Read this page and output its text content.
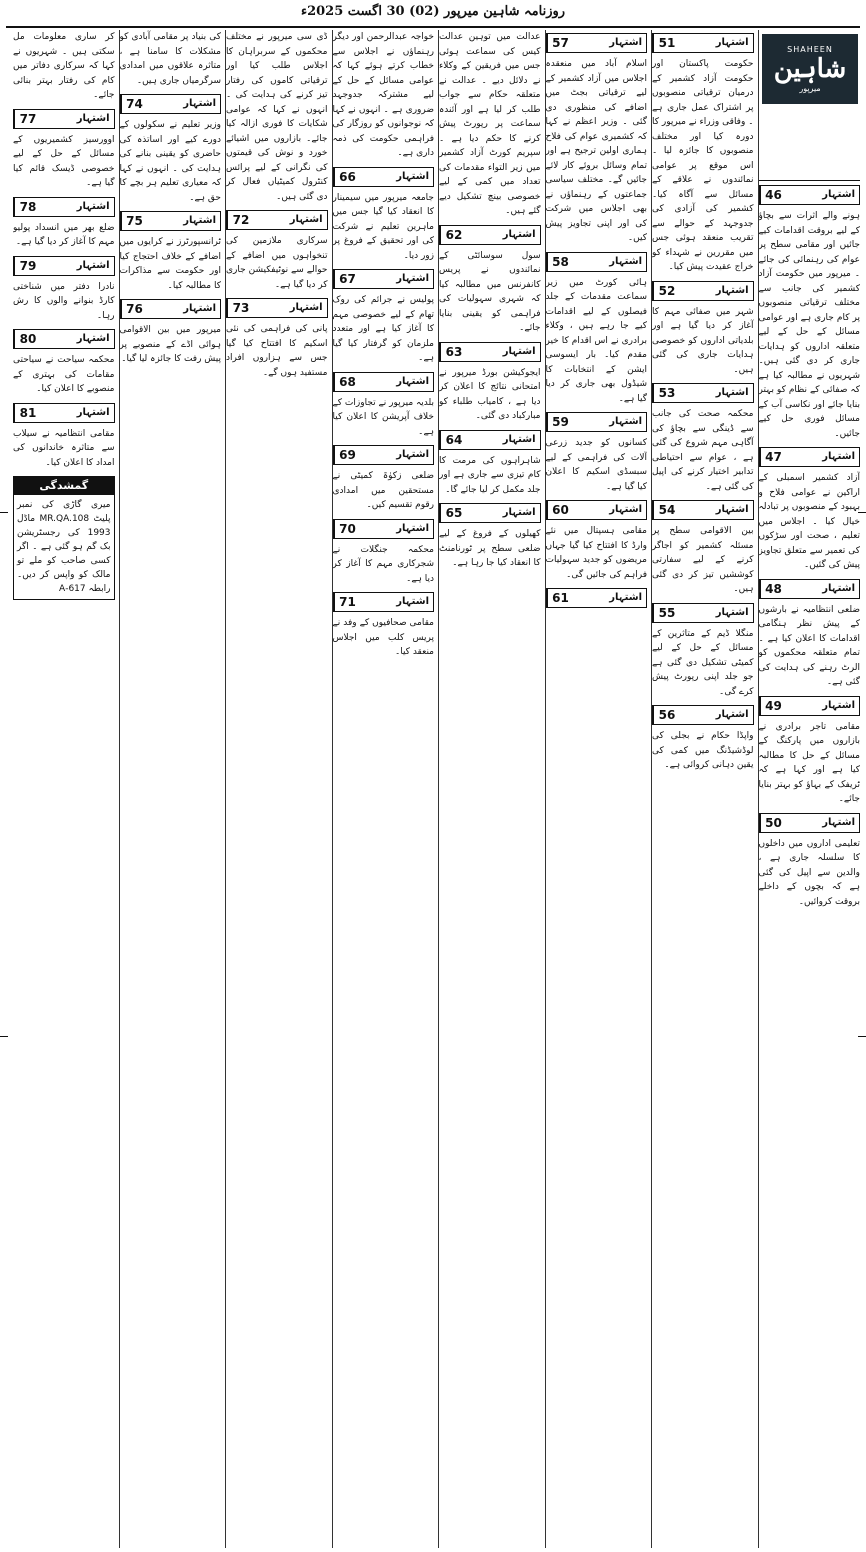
روزنامہ شاہین میرپور (02) 30 اگست 2025ء
SHAHEEN
شاہین
میرپور
اشتہار
46

ہونے والے اثرات سے بچاؤ کے لیے بروقت اقدامات کیے جائیں اور مقامی سطح پر عوام کی رہنمائی کی جائے ۔ میرپور میں حکومت آزاد کشمیر کی جانب سے مختلف ترقیاتی منصوبوں پر کام جاری ہے اور عوامی مسائل کے حل کے لیے متعلقہ اداروں کو ہدایات جاری کر دی گئی ہیں۔ شہریوں نے مطالبہ کیا ہے کہ صفائی کے نظام کو بہتر بنایا جائے اور نکاسی آب کے مسائل فوری حل کیے جائیں۔

اشتہار
47

آزاد کشمیر اسمبلی کے اراکین نے عوامی فلاح و بہبود کے منصوبوں پر تبادلہ خیال کیا ۔ اجلاس میں تعلیم ، صحت اور سڑکوں کی تعمیر سے متعلق تجاویز پیش کی گئیں۔

اشتہار
48

ضلعی انتظامیہ نے بارشوں کے پیش نظر ہنگامی اقدامات کا اعلان کیا ہے ۔ تمام متعلقہ محکموں کو الرٹ رہنے کی ہدایت کی گئی ہے۔

اشتہار
49

مقامی تاجر برادری نے بازاروں میں پارکنگ کے مسائل کے حل کا مطالبہ کیا ہے اور کہا ہے کہ ٹریفک کے بہاؤ کو بہتر بنایا جائے۔

اشتہار
50

تعلیمی اداروں میں داخلوں کا سلسلہ جاری ہے ، والدین سے اپیل کی گئی ہے کہ بچوں کے داخلے بروقت کروائیں۔

اشتہار
51

حکومت پاکستان اور حکومت آزاد کشمیر کے درمیان ترقیاتی منصوبوں پر اشتراک عمل جاری ہے ۔ وفاقی وزراء نے میرپور کا دورہ کیا اور مختلف منصوبوں کا جائزہ لیا ۔ اس موقع پر عوامی نمائندوں نے علاقے کے مسائل سے آگاہ کیا۔ کشمیر کی آزادی کی جدوجہد کے حوالے سے تقریب منعقد ہوئی جس میں مقررین نے شہداء کو خراج عقیدت پیش کیا۔

اشتہار
52

شہر میں صفائی مہم کا آغاز کر دیا گیا ہے اور بلدیاتی اداروں کو خصوصی ہدایات جاری کی گئی ہیں۔

اشتہار
53

محکمہ صحت کی جانب سے ڈینگی سے بچاؤ کی آگاہی مہم شروع کی گئی ہے ، عوام سے احتیاطی تدابیر اختیار کرنے کی اپیل کی گئی ہے۔

اشتہار
54

بین الاقوامی سطح پر مسئلہ کشمیر کو اجاگر کرنے کے لیے سفارتی کوششیں تیز کر دی گئی ہیں۔

اشتہار
55

منگلا ڈیم کے متاثرین کے مسائل کے حل کے لیے کمیٹی تشکیل دی گئی ہے جو جلد اپنی رپورٹ پیش کرے گی۔

اشتہار
56

واپڈا حکام نے بجلی کی لوڈشیڈنگ میں کمی کی یقین دہانی کروائی ہے۔

اشتہار
57

اسلام آباد میں منعقدہ اجلاس میں آزاد کشمیر کے لیے ترقیاتی بجٹ میں اضافے کی منظوری دی گئی ۔ وزیر اعظم نے کہا کہ کشمیری عوام کی فلاح ہماری اولین ترجیح ہے اور تمام وسائل بروئے کار لائے جائیں گے۔ مختلف سیاسی جماعتوں کے رہنماؤں نے بھی اجلاس میں شرکت کی اور اپنی تجاویز پیش کیں۔

اشتہار
58

ہائی کورٹ میں زیر سماعت مقدمات کے جلد فیصلوں کے لیے اقدامات کیے جا رہے ہیں ، وکلاء برادری نے اس اقدام کا خیر مقدم کیا۔ بار ایسوسی ایشن کے انتخابات کا شیڈول بھی جاری کر دیا گیا ہے۔

اشتہار
59

کسانوں کو جدید زرعی آلات کی فراہمی کے لیے سبسڈی اسکیم کا اعلان کیا گیا ہے۔

اشتہار
60

مقامی ہسپتال میں نئے وارڈ کا افتتاح کیا گیا جہاں مریضوں کو جدید سہولیات فراہم کی جائیں گی۔

اشتہار
61

عدالت میں توہین عدالت کیس کی سماعت ہوئی جس میں فریقین کے وکلاء نے دلائل دیے ۔ عدالت نے متعلقہ حکام سے جواب طلب کر لیا ہے اور آئندہ سماعت پر رپورٹ پیش کرنے کا حکم دیا ہے ۔ سپریم کورٹ آزاد کشمیر میں زیر التواء مقدمات کی تعداد میں کمی کے لیے خصوصی بینچ تشکیل دیے گئے ہیں۔

اشتہار
62

سول سوسائٹی کے نمائندوں نے پریس کانفرنس میں مطالبہ کیا کہ شہری سہولیات کی فراہمی کو یقینی بنایا جائے۔

اشتہار
63

ایجوکیشن بورڈ میرپور نے امتحانی نتائج کا اعلان کر دیا ہے ، کامیاب طلباء کو مبارکباد دی گئی۔

اشتہار
64

شاہراہوں کی مرمت کا کام تیزی سے جاری ہے اور جلد مکمل کر لیا جائے گا۔

اشتہار
65

کھیلوں کے فروغ کے لیے ضلعی سطح پر ٹورنامنٹ کا انعقاد کیا جا رہا ہے۔

خواجہ عبدالرحمن اور دیگر رہنماؤں نے اجلاس سے خطاب کرتے ہوئے کہا کہ عوامی مسائل کے حل کے لیے مشترکہ جدوجہد ضروری ہے ۔ انہوں نے کہا کہ نوجوانوں کو روزگار کی فراہمی حکومت کی ذمہ داری ہے۔

اشتہار
66

جامعہ میرپور میں سیمینار کا انعقاد کیا گیا جس میں ماہرین تعلیم نے شرکت کی اور تحقیق کے فروغ پر زور دیا۔

اشتہار
67

پولیس نے جرائم کی روک تھام کے لیے خصوصی مہم کا آغاز کیا ہے اور متعدد ملزمان کو گرفتار کیا گیا ہے۔

اشتہار
68

بلدیہ میرپور نے تجاوزات کے خلاف آپریشن کا اعلان کیا ہے۔

اشتہار
69

ضلعی زکوٰۃ کمیٹی نے مستحقین میں امدادی رقوم تقسیم کیں۔

اشتہار
70

محکمہ جنگلات نے شجرکاری مہم کا آغاز کر دیا ہے۔

اشتہار
71

مقامی صحافیوں کے وفد نے پریس کلب میں اجلاس منعقد کیا۔

ڈی سی میرپور نے مختلف محکموں کے سربراہان کا اجلاس طلب کیا اور ترقیاتی کاموں کی رفتار تیز کرنے کی ہدایت کی ۔ انہوں نے کہا کہ عوامی شکایات کا فوری ازالہ کیا جائے۔ بازاروں میں اشیائے خورد و نوش کی قیمتوں کی نگرانی کے لیے پرائس کنٹرول کمیٹیاں فعال کر دی گئی ہیں۔

اشتہار
72

سرکاری ملازمین کی تنخواہوں میں اضافے کے حوالے سے نوٹیفکیشن جاری کر دیا گیا ہے۔

اشتہار
73

پانی کی فراہمی کی نئی اسکیم کا افتتاح کیا گیا جس سے ہزاروں افراد مستفید ہوں گے۔

کی بنیاد پر مقامی آبادی کو مشکلات کا سامنا ہے ، متاثرہ علاقوں میں امدادی سرگرمیاں جاری ہیں۔

اشتہار
74

وزیر تعلیم نے سکولوں کے دورے کیے اور اساتذہ کی حاضری کو یقینی بنانے کی ہدایت کی ۔ انہوں نے کہا کہ معیاری تعلیم ہر بچے کا حق ہے۔

اشتہار
75

ٹرانسپورٹرز نے کرایوں میں اضافے کے خلاف احتجاج کیا اور حکومت سے مذاکرات کا مطالبہ کیا۔

اشتہار
76

میرپور میں بین الاقوامی ہوائی اڈے کے منصوبے پر پیش رفت کا جائزہ لیا گیا۔

کر ساری معلومات مل سکتی ہیں ۔ شہریوں نے کہا کہ سرکاری دفاتر میں کام کی رفتار بہتر بنائی جائے۔

اشتہار
77

اوورسیز کشمیریوں کے مسائل کے حل کے لیے خصوصی ڈیسک قائم کیا گیا ہے۔

اشتہار
78

ضلع بھر میں انسداد پولیو مہم کا آغاز کر دیا گیا ہے۔

اشتہار
79

نادرا دفتر میں شناختی کارڈ بنوانے والوں کا رش رہا۔

اشتہار
80

محکمہ سیاحت نے سیاحتی مقامات کی بہتری کے منصوبے کا اعلان کیا۔

اشتہار
81

مقامی انتظامیہ نے سیلاب سے متاثرہ خاندانوں کی امداد کا اعلان کیا۔

گمشدگی
میری گاڑی کی نمبر پلیٹ MR.QA.108 ماڈل 1993 کی رجسٹریشن بک گم ہو گئی ہے ۔ اگر کسی صاحب کو ملے تو مالک کو واپس کر دیں۔ رابطہ 617-A
